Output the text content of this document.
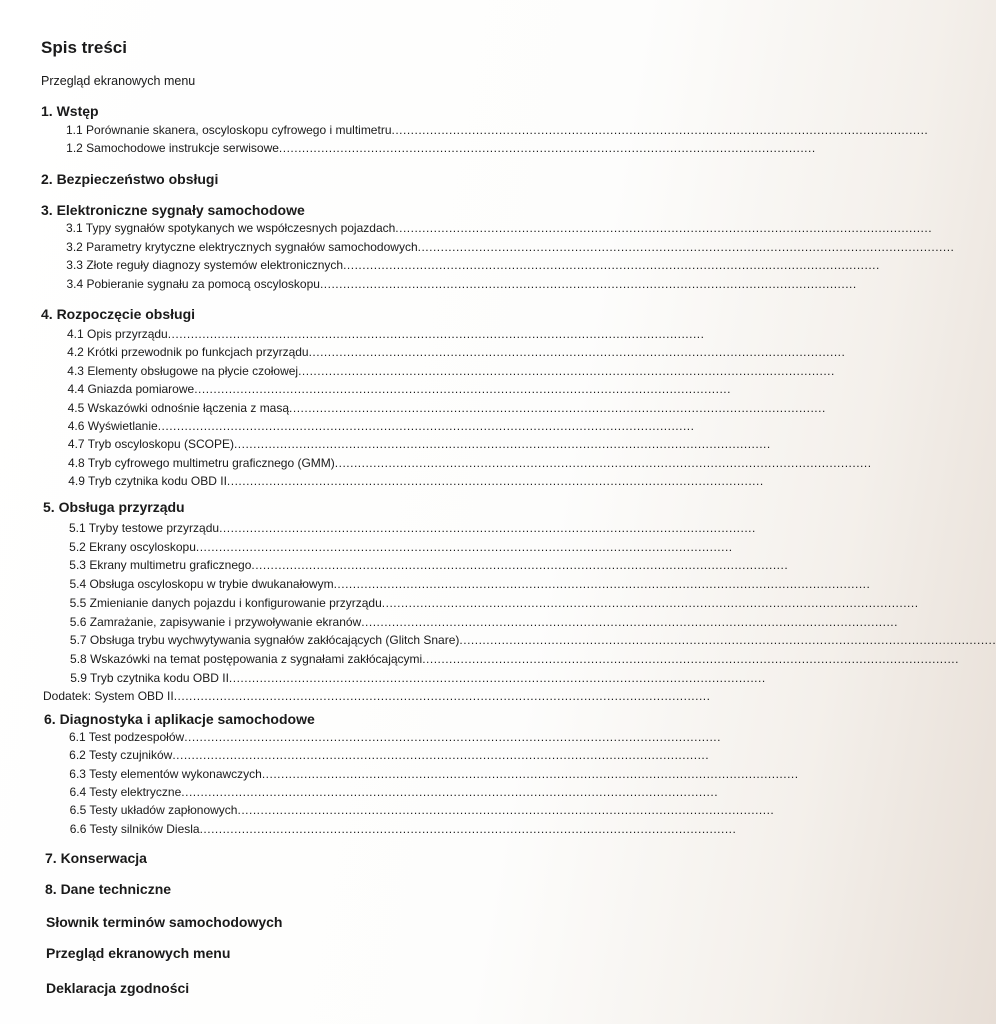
Spis treści
Przegląd ekranowych menu
1. Wstęp
1.1 Porównanie skanera, oscyloskopu cyfrowego i multimetru............................................................................................................................................
1.2 Samochodowe instrukcje serwisowe............................................................................................................................................
2. Bezpieczeństwo obsługi
3. Elektroniczne sygnały samochodowe
3.1 Typy sygnałów spotykanych we współczesnych pojazdach............................................................................................................................................
3.2 Parametry krytyczne elektrycznych sygnałów samochodowych............................................................................................................................................
3.3 Złote reguły diagnozy systemów elektronicznych............................................................................................................................................
3.4 Pobieranie sygnału za pomocą oscyloskopu............................................................................................................................................
4. Rozpoczęcie obsługi
4.1 Opis przyrządu............................................................................................................................................
4.2 Krótki przewodnik po funkcjach przyrządu............................................................................................................................................
4.3 Elementy obsługowe na płycie czołowej............................................................................................................................................
4.4 Gniazda pomiarowe............................................................................................................................................
4.5 Wskazówki odnośnie łączenia z masą............................................................................................................................................
4.6 Wyświetlanie............................................................................................................................................
4.7 Tryb oscyloskopu (SCOPE)............................................................................................................................................
4.8 Tryb cyfrowego multimetru graficznego (GMM)............................................................................................................................................
4.9 Tryb czytnika kodu OBD II............................................................................................................................................
5. Obsługa przyrządu
5.1 Tryby testowe przyrządu............................................................................................................................................
5.2 Ekrany oscyloskopu............................................................................................................................................
5.3 Ekrany multimetru graficznego............................................................................................................................................
5.4 Obsługa oscyloskopu w trybie dwukanałowym............................................................................................................................................
5.5 Zmienianie danych pojazdu i konfigurowanie przyrządu............................................................................................................................................
5.6 Zamrażanie, zapisywanie i przywoływanie ekranów............................................................................................................................................
5.7 Obsługa trybu wychwytywania sygnałów zakłócających (Glitch Snare)............................................................................................................................................
5.8 Wskazówki na temat postępowania z sygnałami zakłócającymi............................................................................................................................................
5.9 Tryb czytnika kodu OBD II............................................................................................................................................
Dodatek: System OBD II............................................................................................................................................
6. Diagnostyka i aplikacje samochodowe
6.1 Test podzespołów............................................................................................................................................
6.2 Testy czujników............................................................................................................................................
6.3 Testy elementów wykonawczych............................................................................................................................................
6.4 Testy elektryczne............................................................................................................................................
6.5 Testy układów zapłonowych............................................................................................................................................
6.6 Testy silników Diesla............................................................................................................................................
7. Konserwacja
8. Dane techniczne
Słownik terminów samochodowych
Przegląd ekranowych menu
Deklaracja zgodności
